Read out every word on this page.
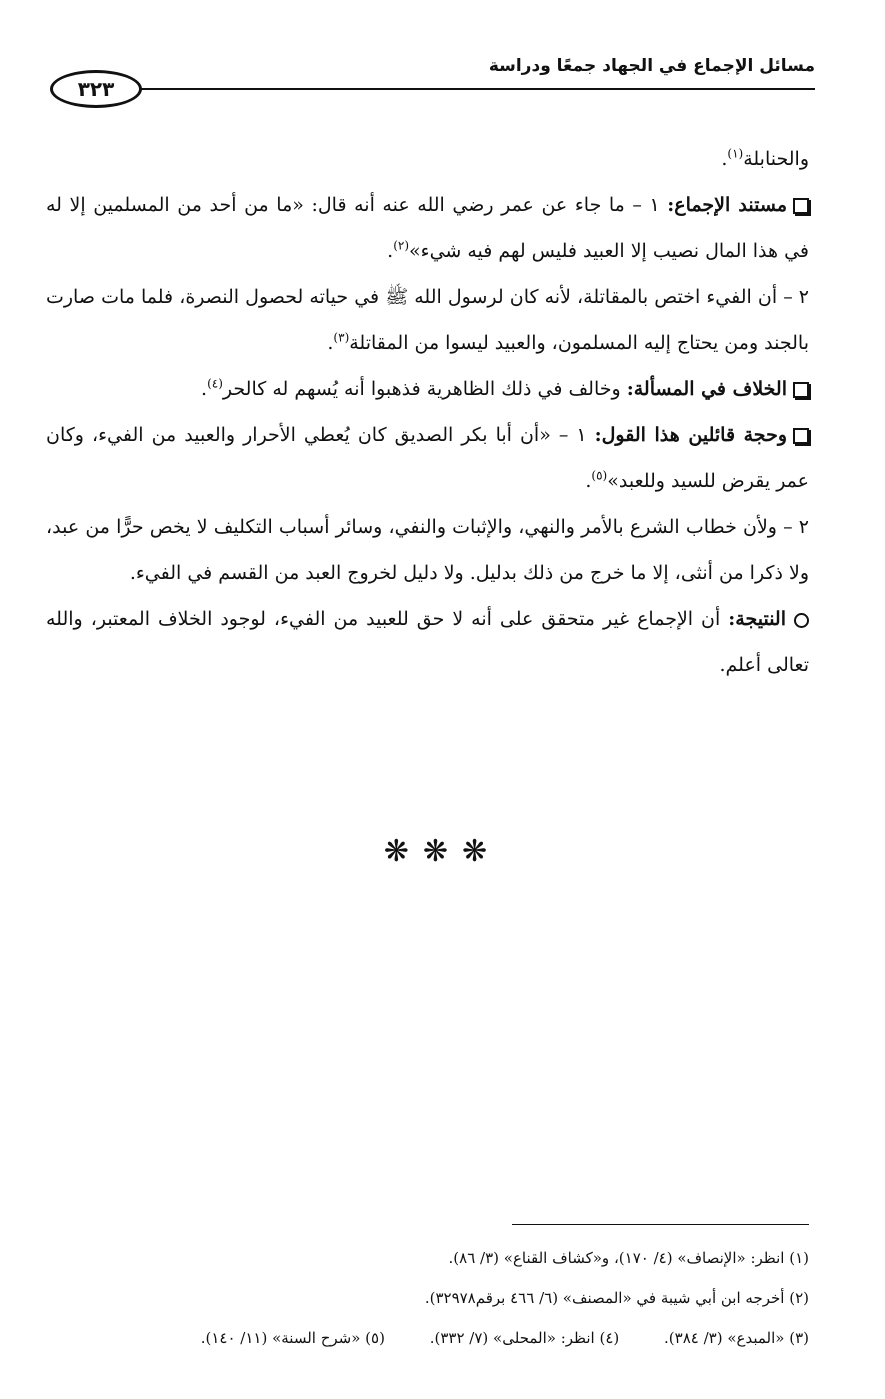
مسائل الإجماع في الجهاد جمعًا ودراسة
٣٢٣

والحنابلة$^{(١)}$.

مستند الإجماع: ١ – ما جاء عن عمر رضي الله عنه أنه قال: «ما من أحد من المسلمين إلا له في هذا المال نصيب إلا العبيد فليس لهم فيه شيء»$^{(٢)}$.

٢ – أن الفيء اختص بالمقاتلة، لأنه كان لرسول الله ﷺ في حياته لحصول النصرة، فلما مات صارت بالجند ومن يحتاج إليه المسلمون، والعبيد ليسوا من المقاتلة$^{(٣)}$.

الخلاف في المسألة: وخالف في ذلك الظاهرية فذهبوا أنه يُسهم له كالحر$^{(٤)}$.

وحجة قائلين هذا القول: ١ – «أن أبا بكر الصديق كان يُعطي الأحرار والعبيد من الفيء، وكان عمر يقرض للسيد وللعبد»$^{(٥)}$.

٢ – ولأن خطاب الشرع بالأمر والنهي، والإثبات والنفي، وسائر أسباب التكليف لا يخص حرًّا من عبد، ولا ذكرا من أنثى، إلا ما خرج من ذلك بدليل. ولا دليل لخروج العبد من القسم في الفيء.

النتيجة: أن الإجماع غير متحقق على أنه لا حق للعبيد من الفيء، لوجود الخلاف المعتبر، والله تعالى أعلم.

❋❋❋
(١) انظر: «الإنصاف» (٤/ ١٧٠)، و«كشاف القناع» (٣/ ٨٦).
(٢) أخرجه ابن أبي شيبة في «المصنف» (٦/ ٤٦٦ برقم٣٢٩٧٨).
(٣) «المبدع» (٣/ ٣٨٤). (٤) انظر: «المحلى» (٧/ ٣٣٢). (٥) «شرح السنة» (١١/ ١٤٠).
